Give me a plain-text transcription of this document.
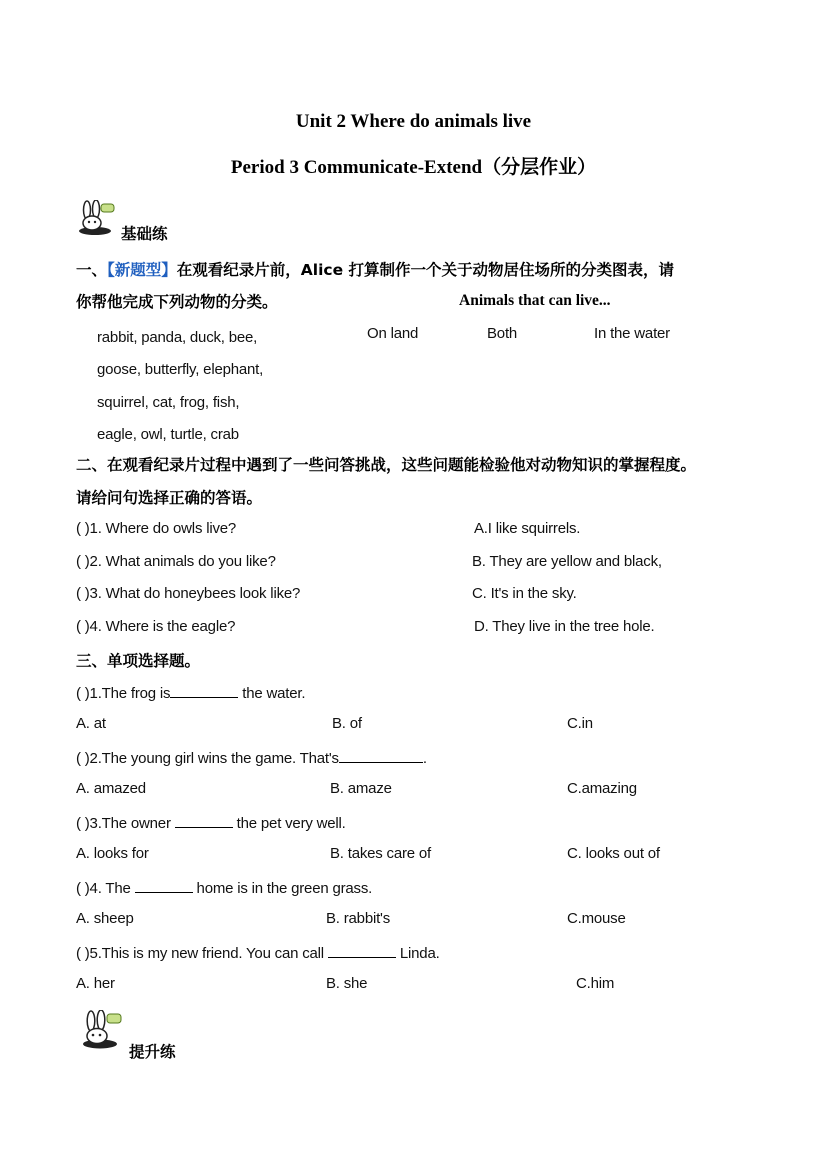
Unit 2 Where do animals live
Period 3 Communicate-Extend（分层作业）
基础练
一、【新题型】在观看纪录片前，Alice 打算制作一个关于动物居住场所的分类图表，请
你帮他完成下列动物的分类。	Animals that can live...
On land	Both	In the water
rabbit, panda, duck, bee,
goose, butterfly, elephant,
squirrel, cat, frog, fish,
eagle, owl, turtle, crab
二、在观看纪录片过程中遇到了一些问答挑战，这些问题能检验他对动物知识的掌握程度。
请给问句选择正确的答语。
( )1. Where do owls live?
( )2. What animals do you like?
( )3. What do honeybees look like?
( )4. Where is the eagle?
A.I like squirrels.
B. They are yellow and black,
C. It's in the sky.
D. They live in the tree hole.
三、单项选择题。
( )1.The frog is	the water.
A. at	B. of	C.in
( )2.The young girl wins the game. That's	.
A. amazed	B. amaze	C.amazing
( )3.The owner	the pet very well.
A. looks for	B. takes care of	C. looks out of
( )4. The	home is in the green grass.
A. sheep	B. rabbit's	C.mouse
( )5.This is my new friend. You can call	Linda.
A. her	B. she	C.him
提升练
